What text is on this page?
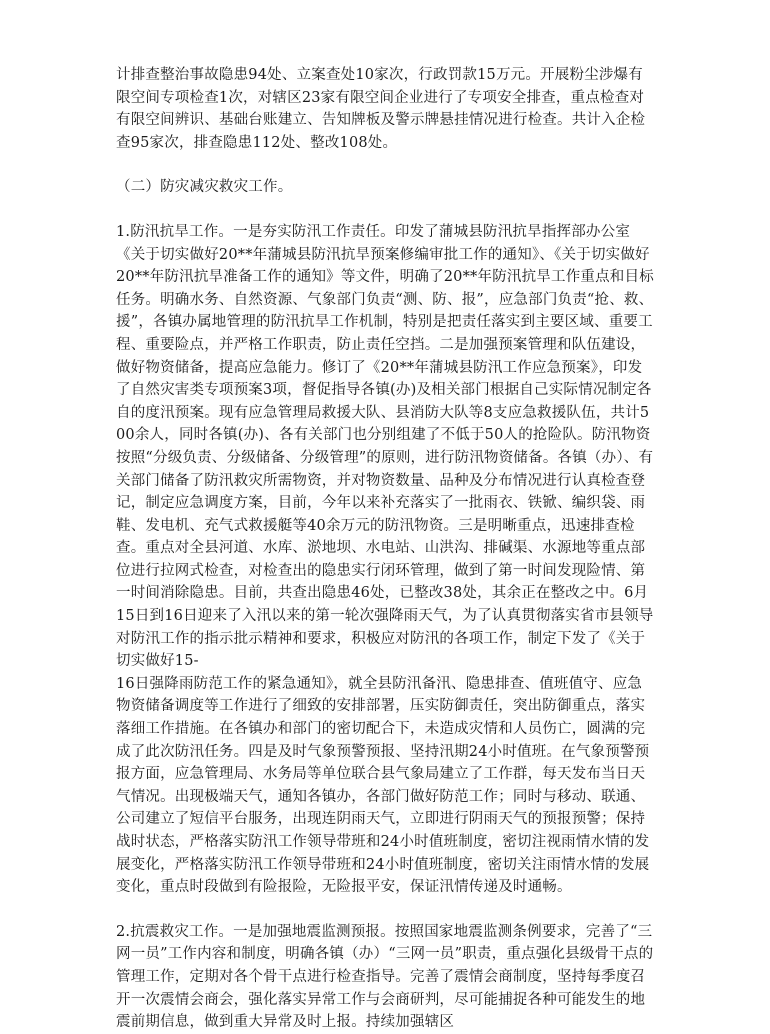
计排查整治事故隐患94处、立案查处10家次，行政罚款15万元。开展粉尘涉爆有限空间专项检查1次，对辖区23家有限空间企业进行了专项安全排查，重点检查对有限空间辨识、基础台账建立、告知牌板及警示牌悬挂情况进行检查。共计入企检查95家次，排查隐患112处、整改108处。

（二）防灾减灾救灾工作。

1.防汛抗旱工作。一是夯实防汛工作责任。印发了蒲城县防汛抗旱指挥部办公室《关于切实做好20**年蒲城县防汛抗旱预案修编审批工作的通知》、《关于切实做好20**年防汛抗旱准备工作的通知》等文件，明确了20**年防汛抗旱工作重点和目标任务。明确水务、自然资源、气象部门负责“测、防、报”，应急部门负责“抢、救、援”，各镇办属地管理的防汛抗旱工作机制，特别是把责任落实到主要区域、重要工程、重要险点，并严格工作职责，防止责任空挡。二是加强预案管理和队伍建设，做好物资储备，提高应急能力。修订了《20**年蒲城县防汛工作应急预案》，印发了自然灾害类专项预案3项，督促指导各镇(办)及相关部门根据自己实际情况制定各自的度汛预案。现有应急管理局救援大队、县消防大队等8支应急救援队伍，共计500余人，同时各镇(办)、各有关部门也分别组建了不低于50人的抢险队。防汛物资按照“分级负责、分级储备、分级管理”的原则，进行防汛物资储备。各镇（办）、有关部门储备了防汛救灾所需物资，并对物资数量、品种及分布情况进行认真检查登记，制定应急调度方案，目前，今年以来补充落实了一批雨衣、铁锨、编织袋、雨鞋、发电机、充气式救援艇等40余万元的防汛物资。三是明晰重点，迅速排查检查。重点对全县河道、水库、淤地坝、水电站、山洪沟、排碱渠、水源地等重点部位进行拉网式检查，对检查出的隐患实行闭环管理，做到了第一时间发现险情、第一时间消除隐患。目前，共查出隐患46处，已整改38处，其余正在整改之中。6月15日到16日迎来了入汛以来的第一轮次强降雨天气，为了认真贯彻落实省市县领导对防汛工作的指示批示精神和要求，积极应对防汛的各项工作，制定下发了《关于切实做好15-
16日强降雨防范工作的紧急通知》，就全县防汛备汛、隐患排查、值班值守、应急物资储备调度等工作进行了细致的安排部署，压实防御责任，突出防御重点，落实落细工作措施。在各镇办和部门的密切配合下，未造成灾情和人员伤亡，圆满的完成了此次防汛任务。四是及时气象预警预报、坚持汛期24小时值班。在气象预警预报方面，应急管理局、水务局等单位联合县气象局建立了工作群，每天发布当日天气情况。出现极端天气，通知各镇办，各部门做好防范工作；同时与移动、联通、公司建立了短信平台服务，出现连阴雨天气，立即进行阴雨天气的预报预警；保持战时状态，严格落实防汛工作领导带班和24小时值班制度，密切注视雨情水情的发展变化，严格落实防汛工作领导带班和24小时值班制度，密切关注雨情水情的发展变化，重点时段做到有险报险，无险报平安，保证汛情传递及时通畅。

2.抗震救灾工作。一是加强地震监测预报。按照国家地震监测条例要求，完善了“三网一员”工作内容和制度，明确各镇（办）“三网一员”职责，重点强化县级骨干点的管理工作，定期对各个骨干点进行检查指导。完善了震情会商制度，坚持每季度召开一次震情会商会，强化落实异常工作与会商研判，尽可能捕捉各种可能发生的地震前期信息，做到重大异常及时上报。持续加强辖区
